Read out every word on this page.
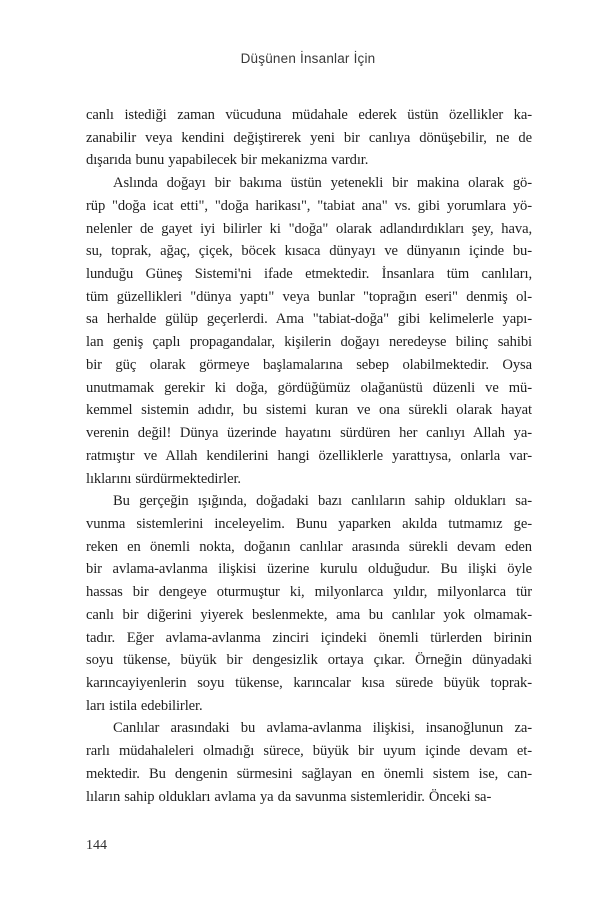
Düşünen İnsanlar İçin
canlı istediği zaman vücuduna müdahale ederek üstün özellikler ka-
zanabilir veya kendini değiştirerek yeni bir canlıya dönüşebilir, ne de
dışarıda bunu yapabilecek bir mekanizma vardır.
Aslında doğayı bir bakıma üstün yetenekli bir makina olarak gö-
rüp "doğa icat etti", "doğa harikası", "tabiat ana" vs. gibi yorumlara yö-
nelenler de gayet iyi bilirler ki "doğa" olarak adlandırdıkları şey, hava,
su, toprak, ağaç, çiçek, böcek kısaca dünyayı ve dünyanın içinde bu-
lunduğu Güneş Sistemi'ni ifade etmektedir. İnsanlara tüm canlıları,
tüm güzellikleri "dünya yaptı" veya bunlar "toprağın eseri" denmiş ol-
sa herhalde gülüp geçerlerdi. Ama "tabiat-doğa" gibi kelimelerle yapı-
lan geniş çaplı propagandalar, kişilerin doğayı neredeyse bilinç sahibi
bir güç olarak görmeye başlamalarına sebep olabilmektedir. Oysa
unutmamak gerekir ki doğa, gördüğümüz olağanüstü düzenli ve mü-
kemmel sistemin adıdır, bu sistemi kuran ve ona sürekli olarak hayat
verenin değil! Dünya üzerinde hayatını sürdüren her canlıyı Allah ya-
ratmıştır ve Allah kendilerini hangi özelliklerle yarattıysa, onlarla var-
lıklarını sürdürmektedirler.
Bu gerçeğin ışığında, doğadaki bazı canlıların sahip oldukları sa-
vunma sistemlerini inceleyelim. Bunu yaparken akılda tutmamız ge-
reken en önemli nokta, doğanın canlılar arasında sürekli devam eden
bir avlama-avlanma ilişkisi üzerine kurulu olduğudur. Bu ilişki öyle
hassas bir dengeye oturmuştur ki, milyonlarca yıldır, milyonlarca tür
canlı bir diğerini yiyerek beslenmekte, ama bu canlılar yok olmamak-
tadır. Eğer avlama-avlanma zinciri içindeki önemli türlerden birinin
soyu tükense, büyük bir dengesizlik ortaya çıkar. Örneğin dünyadaki
karıncayiyenlerin soyu tükense, karıncalar kısa sürede büyük toprak-
ları istila edebilirler.
Canlılar arasındaki bu avlama-avlanma ilişkisi, insanoğlunun za-
rarlı müdahaleleri olmadığı sürece, büyük bir uyum içinde devam et-
mektedir. Bu dengenin sürmesini sağlayan en önemli sistem ise, can-
lıların sahip oldukları avlama ya da savunma sistemleridir. Önceki sa-
144
